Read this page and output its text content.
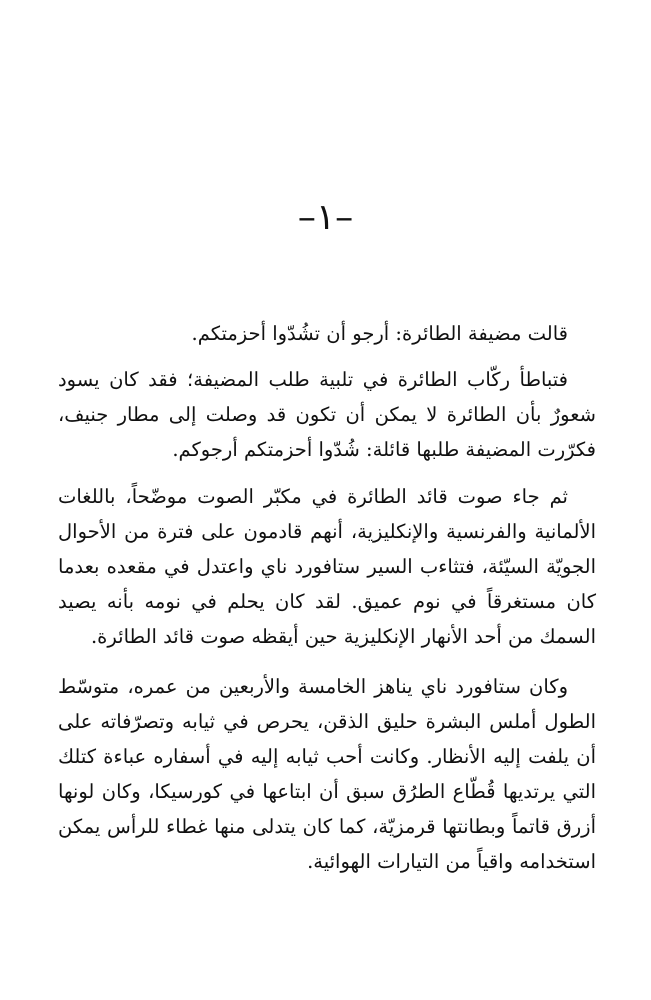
–١–

قالت مضيفة الطائرة: أرجو أن تشُدّوا أحزمتكم.

فتباطأ ركّاب الطائرة في تلبية طلب المضيفة؛ فقد كان يسود شعورٌ بأن الطائرة لا يمكن أن تكون قد وصلت إلى مطار جنيف، فكرّرت المضيفة طلبها قائلة: شُدّوا أحزمتكم أرجوكم.

ثم جاء صوت قائد الطائرة في مكبّر الصوت موضّحاً، باللغات الألمانية والفرنسية والإنكليزية، أنهم قادمون على فترة من الأحوال الجويّة السيّئة، فتثاءب السير ستافورد ناي واعتدل في مقعده بعدما كان مستغرقاً في نوم عميق. لقد كان يحلم في نومه بأنه يصيد السمك من أحد الأنهار الإنكليزية حين أيقظه صوت قائد الطائرة.

وكان ستافورد ناي يناهز الخامسة والأربعين من عمره، متوسّط الطول أملس البشرة حليق الذقن، يحرص في ثيابه وتصرّفاته على أن يلفت إليه الأنظار. وكانت أحب ثيابه إليه في أسفاره عباءة كتلك التي يرتديها قُطّاع الطرُق سبق أن ابتاعها في كورسيكا، وكان لونها أزرق قاتماً وبطانتها قرمزيّة، كما كان يتدلى منها غطاء للرأس يمكن استخدامه واقياً من التيارات الهوائية.
